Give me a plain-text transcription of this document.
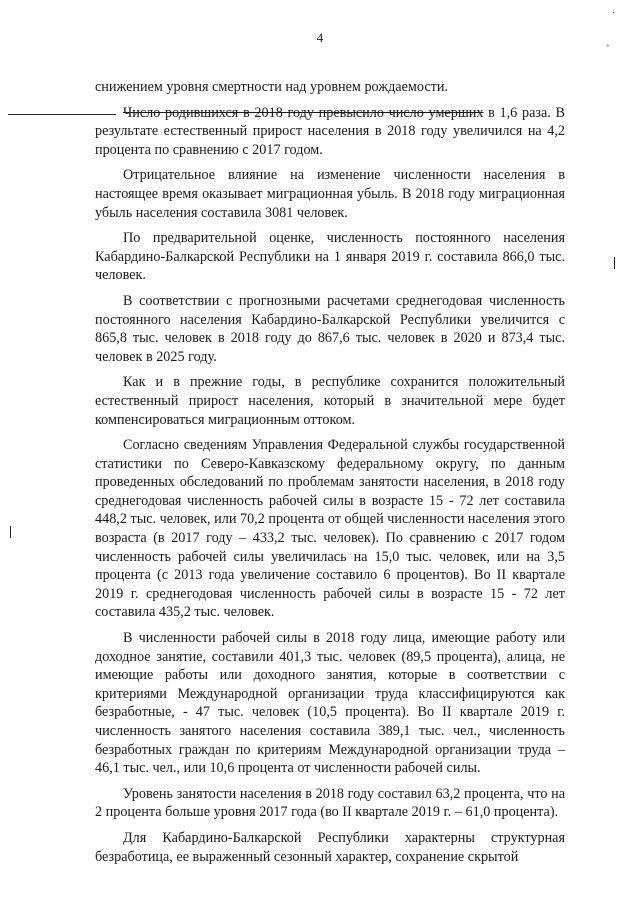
4
·
˚

снижением уровня смертности над уровнем рождаемости.

Число родившихся в 2018 году превысило число умерших в 1,6 раза. В результате естественный прирост населения в 2018 году увеличился на 4,2 процента по сравнению с 2017 годом.

Отрицательное влияние на изменение численности населения в настоящее время оказывает миграционная убыль. В 2018 году миграционная убыль населения составила 3081 человек.

По предварительной оценке, численность постоянного населения Кабардино-Балкарской Республики на 1 января 2019 г. составила 866,0 тыс. человек.

В соответствии с прогнозными расчетами среднегодовая численность постоянного населения Кабардино-Балкарской Республики увеличится с 865,8 тыс. человек в 2018 году до 867,6 тыс. человек в 2020 и 873,4 тыс. человек в 2025 году.

Как и в прежние годы, в республике сохранится положительный естественный прирост населения, который в значительной мере будет компенсироваться миграционным оттоком.

Согласно сведениям Управления Федеральной службы государственной статистики по Северо-Кавказскому федеральному округу, по данным проведенных обследований по проблемам занятости населения, в 2018 году среднегодовая численность рабочей силы в возрасте 15 - 72 лет составила 448,2 тыс. человек, или 70,2 процента от общей численности населения этого возраста (в 2017 году – 433,2 тыс. человек). По сравнению с 2017 годом численность рабочей силы увеличилась на 15,0 тыс. человек, или на 3,5 процента (с 2013 года увеличение составило 6 процентов). Во II квартале 2019 г. среднегодовая численность рабочей силы в возрасте 15 - 72 лет составила 435,2 тыс. человек.

В численности рабочей силы в 2018 году лица, имеющие работу или доходное занятие, составили 401,3 тыс. человек (89,5 процента), алица, не имеющие работы или доходного занятия, которые в соответствии с критериями Международной организации труда классифицируются как безработные, - 47 тыс. человек (10,5 процента). Во II квартале 2019 г. численность занятого населения составила 389,1 тыс. чел., численность безработных граждан по критериям Международной организации труда – 46,1 тыс. чел., или 10,6 процента от численности рабочей силы.

Уровень занятости населения в 2018 году составил 63,2 процента, что на 2 процента больше уровня 2017 года (во II квартале 2019 г. – 61,0 процента).

Для Кабардино-Балкарской Республики характерны структурная безработица, ее выраженный сезонный характер, сохранение скрытой
